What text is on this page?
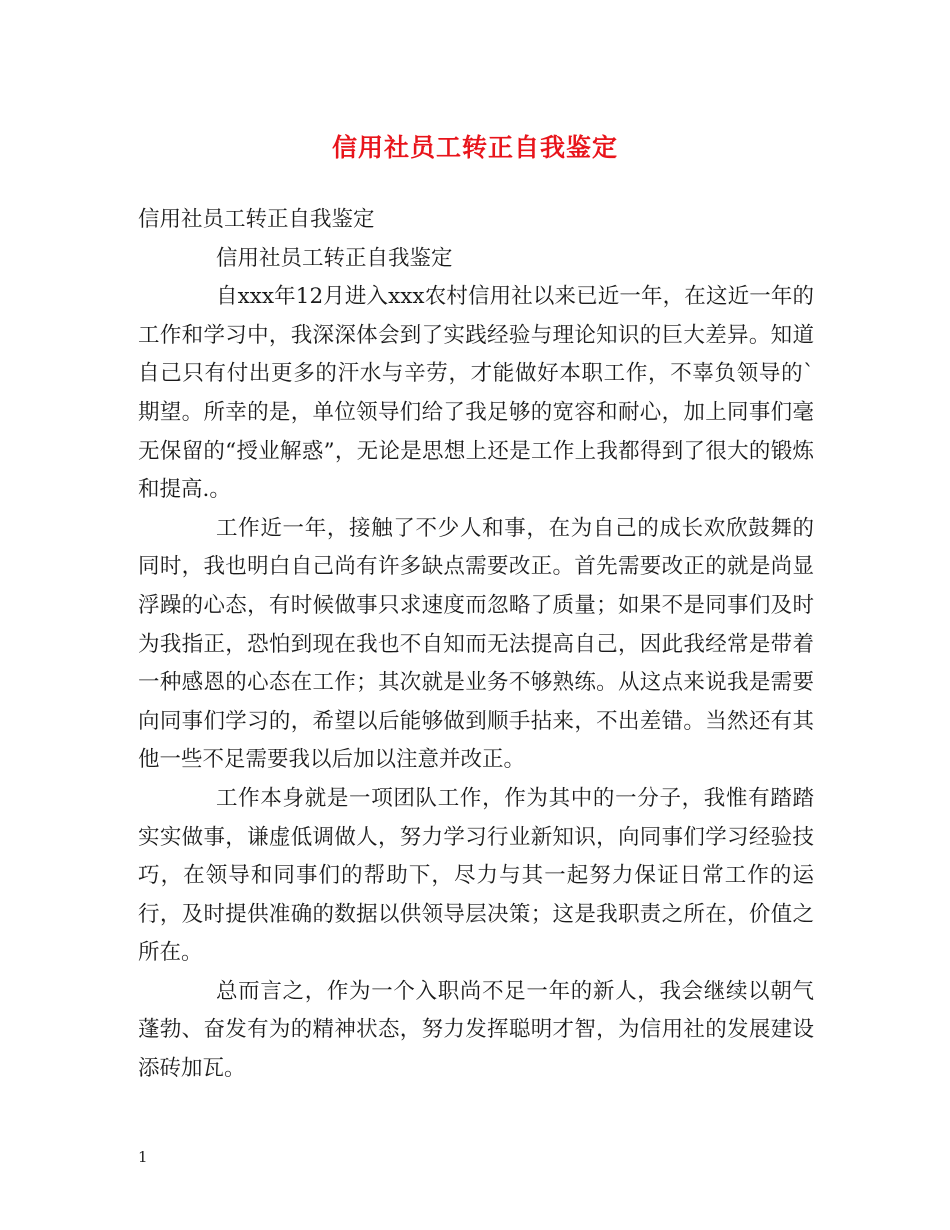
信用社员工转正自我鉴定

信用社员工转正自我鉴定

信用社员工转正自我鉴定

自xxx年12月进入xxx农村信用社以来已近一年，在这近一年的工作和学习中，我深深体会到了实践经验与理论知识的巨大差异。知道自己只有付出更多的汗水与辛劳，才能做好本职工作，不辜负领导的`期望。所幸的是，单位领导们给了我足够的宽容和耐心，加上同事们毫无保留的“授业解惑”，无论是思想上还是工作上我都得到了很大的锻炼和提高.。

工作近一年，接触了不少人和事，在为自己的成长欢欣鼓舞的同时，我也明白自己尚有许多缺点需要改正。首先需要改正的就是尚显浮躁的心态，有时候做事只求速度而忽略了质量；如果不是同事们及时为我指正，恐怕到现在我也不自知而无法提高自己，因此我经常是带着一种感恩的心态在工作；其次就是业务不够熟练。从这点来说我是需要向同事们学习的，希望以后能够做到顺手拈来，不出差错。当然还有其他一些不足需要我以后加以注意并改正。

工作本身就是一项团队工作，作为其中的一分子，我惟有踏踏实实做事，谦虚低调做人，努力学习行业新知识，向同事们学习经验技巧，在领导和同事们的帮助下，尽力与其一起努力保证日常工作的运行，及时提供准确的数据以供领导层决策；这是我职责之所在，价值之所在。

总而言之，作为一个入职尚不足一年的新人，我会继续以朝气蓬勃、奋发有为的精神状态，努力发挥聪明才智，为信用社的发展建设添砖加瓦。

1
